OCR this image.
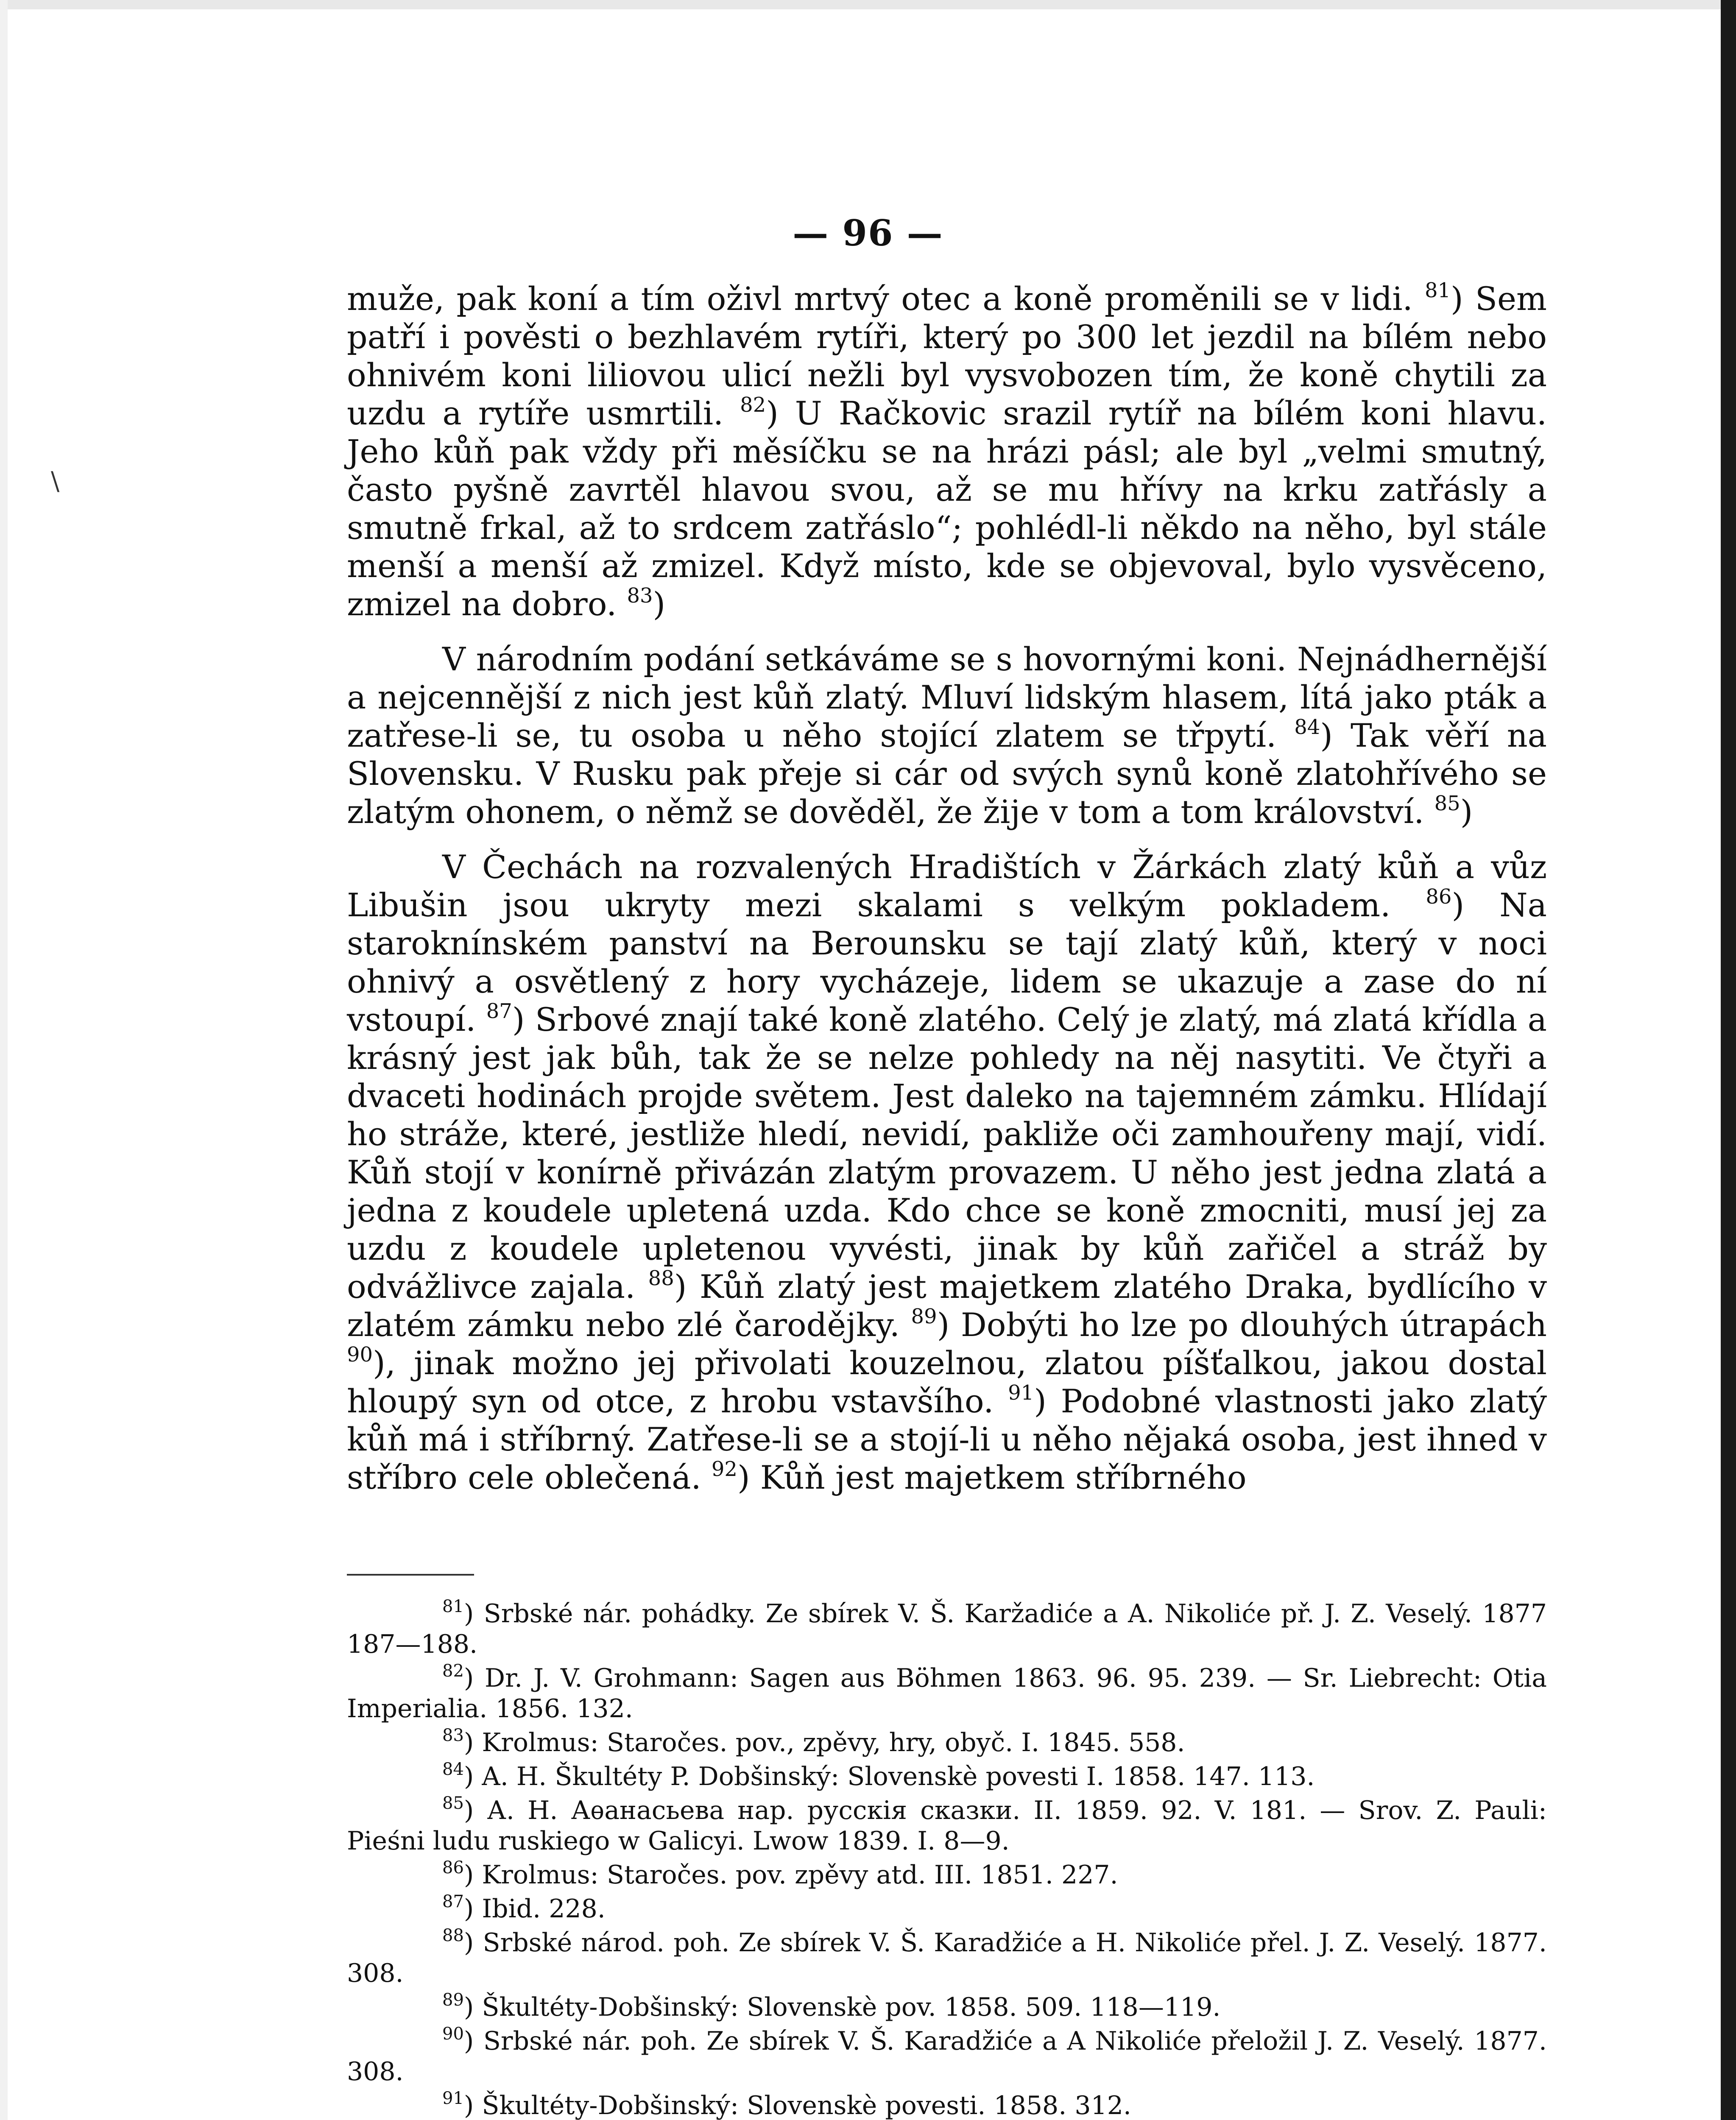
\
— 96 —

muže, pak koní a tím oživl mrtvý otec a koně proměnili se v lidi. $^{81}$) Sem patří i pověsti o bezhlavém rytíři, který po 300 let jezdil na bílém nebo ohnivém koni liliovou ulicí nežli byl vysvobozen tím, že koně chytili za uzdu a rytíře usmrtili. $^{82}$) U Račkovic srazil rytíř na bílém koni hlavu. Jeho kůň pak vždy při měsíčku se na hrázi pásl; ale byl „velmi smutný, často pyšně zavrtěl hlavou svou, až se mu hřívy na krku zatřásly a smutně frkal, až to srdcem zatřáslo“; pohlédl-li někdo na něho, byl stále menší a menší až zmizel. Když místo, kde se objevoval, bylo vysvěceno, zmizel na dobro. $^{83}$)

V národním podání setkáváme se s hovornými koni. Nejnádhernější a nejcennější z nich jest kůň zlatý. Mluví lidským hlasem, lítá jako pták a zatřese-li se, tu osoba u něho stojící zlatem se třpytí. $^{84}$) Tak věří na Slovensku. V Rusku pak přeje si cár od svých synů koně zlatohřívého se zlatým ohonem, o němž se dověděl, že žije v tom a tom království. $^{85}$)

V Čechách na rozvalených Hradištích v Žárkách zlatý kůň a vůz Libušin jsou ukryty mezi skalami s velkým pokladem. $^{86}$) Na staroknínském panství na Berounsku se tají zlatý kůň, který v noci ohnivý a osvětlený z hory vycházeje, lidem se ukazuje a zase do ní vstoupí. $^{87}$) Srbové znají také koně zlatého. Celý je zlatý, má zlatá křídla a krásný jest jak bůh, tak že se nelze pohledy na něj nasytiti. Ve čtyři a dvaceti hodinách projde světem. Jest daleko na tajemném zámku. Hlídají ho stráže, které, jestliže hledí, nevidí, pakliže oči zamhouřeny mají, vidí. Kůň stojí v konírně přivázán zlatým provazem. U něho jest jedna zlatá a jedna z koudele upletená uzda. Kdo chce se koně zmocniti, musí jej za uzdu z koudele upletenou vyvésti, jinak by kůň zařičel a stráž by odvážlivce zajala. $^{88}$) Kůň zlatý jest majetkem zlatého Draka, bydlícího v zlatém zámku nebo zlé čarodějky. $^{89}$) Dobýti ho lze po dlouhých útrapách $^{90}$), jinak možno jej přivolati kouzelnou, zlatou píšťalkou, jakou dostal hloupý syn od otce, z hrobu vstavšího. $^{91}$) Podobné vlastnosti jako zlatý kůň má i stříbrný. Zatřese-li se a stojí-li u něho nějaká osoba, jest ihned v stříbro cele oblečená. $^{92}$) Kůň jest majetkem stříbrného

$^{81}$) Srbské nár. pohádky. Ze sbírek V. Š. Karžadiće a A. Nikoliće př. J. Z. Veselý. 1877 187—188.

$^{82}$) Dr. J. V. Grohmann: Sagen aus Böhmen 1863. 96. 95. 239. — Sr. Liebrecht: Otia Imperialia. 1856. 132.

$^{83}$) Krolmus: Staročes. pov., zpěvy, hry, obyč. I. 1845. 558.

$^{84}$) A. H. Škultéty P. Dobšinský: Slovenskè povesti I. 1858. 147. 113.

$^{85}$) А. Н. Аѳанасьева нар. русскія сказки. II. 1859. 92. V. 181. — Srov. Z. Pauli: Pieśni ludu ruskiego w Galicyi. Lwow 1839. I. 8—9.

$^{86}$) Krolmus: Staročes. pov. zpěvy atd. III. 1851. 227.

$^{87}$) Ibid. 228.

$^{88}$) Srbské národ. poh. Ze sbírek V. Š. Karadžiće a H. Nikoliće přel. J. Z. Veselý. 1877. 308.

$^{89}$) Škultéty-Dobšinský: Slovenskè pov. 1858. 509. 118—119.

$^{90}$) Srbské nár. poh. Ze sbírek V. Š. Karadžiće a A Nikoliće přeložil J. Z. Veselý. 1877. 308.

$^{91}$) Škultéty-Dobšinský: Slovenskè povesti. 1858. 312.
